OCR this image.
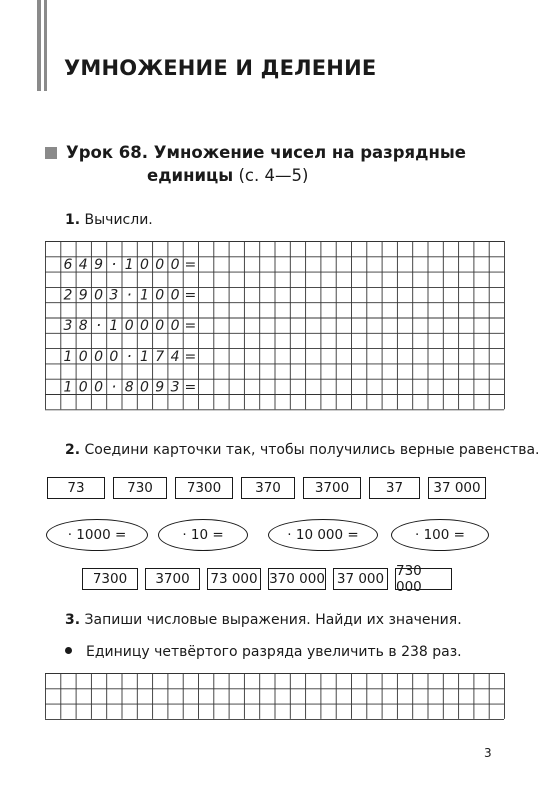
УМНОЖЕНИЕ И ДЕЛЕНИЕ
Урок 68. Умножение чисел на разрядные
единицы (с. 4—5)
1. Вычисли.
6 4 9 · 1 0 0 0 =
2 9 0 3 · 1 0 0 =
3 8 · 1 0 0 0 0 =
1 0 0 0 · 1 7 4 =
1 0 0 · 8 0 9 3 =
2. Соедини карточки так, чтобы получились верные равенства.
73	730	7300	370	3700	37	37 000
· 1000 =	· 10 =	· 10 000 =	· 100 =
7300	3700	73 000 370 000 37 000 730 000
3. Запиши числовые выражения. Найди их значения.
Единицу четвёртого разряда увеличить в 238 раз.
3
